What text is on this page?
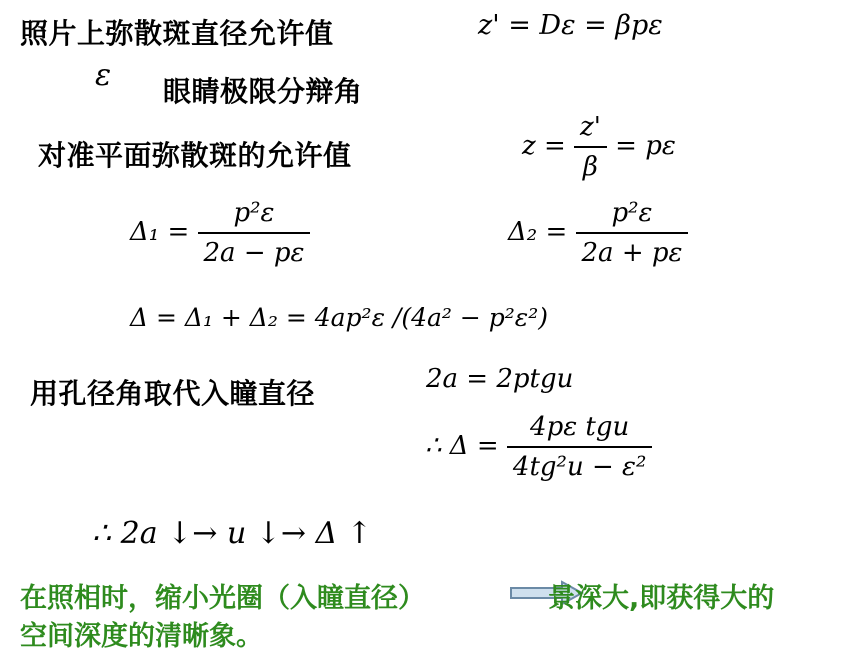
照片上弥散斑直径允许值	z' = Dε = βpε
ε 眼睛极限分辩角
对准平面弥散斑的允许值	$z = \frac{z'}{\beta} = p\varepsilon$
$\Delta_1 = \frac{\text{p²ε}}{2a - p\varepsilon}$	$\Delta_2 = \frac{\text{p²ε}}{2a + p\varepsilon}$
Δ = Δ₁ + Δ₂ = 4ap²ε /(4a² − p²ε²)
用孔径角取代入瞳直径	2a = 2ptgu
∴ $\Delta = \frac{\text{4pε tgu}}{\text{4tg²u − ε²}}$
∴ 2a ↓→ u ↓→ Δ ↑
在照相时，缩小光圈（入瞳直径）	景深大,即获得大的
空间深度的清晰象。
